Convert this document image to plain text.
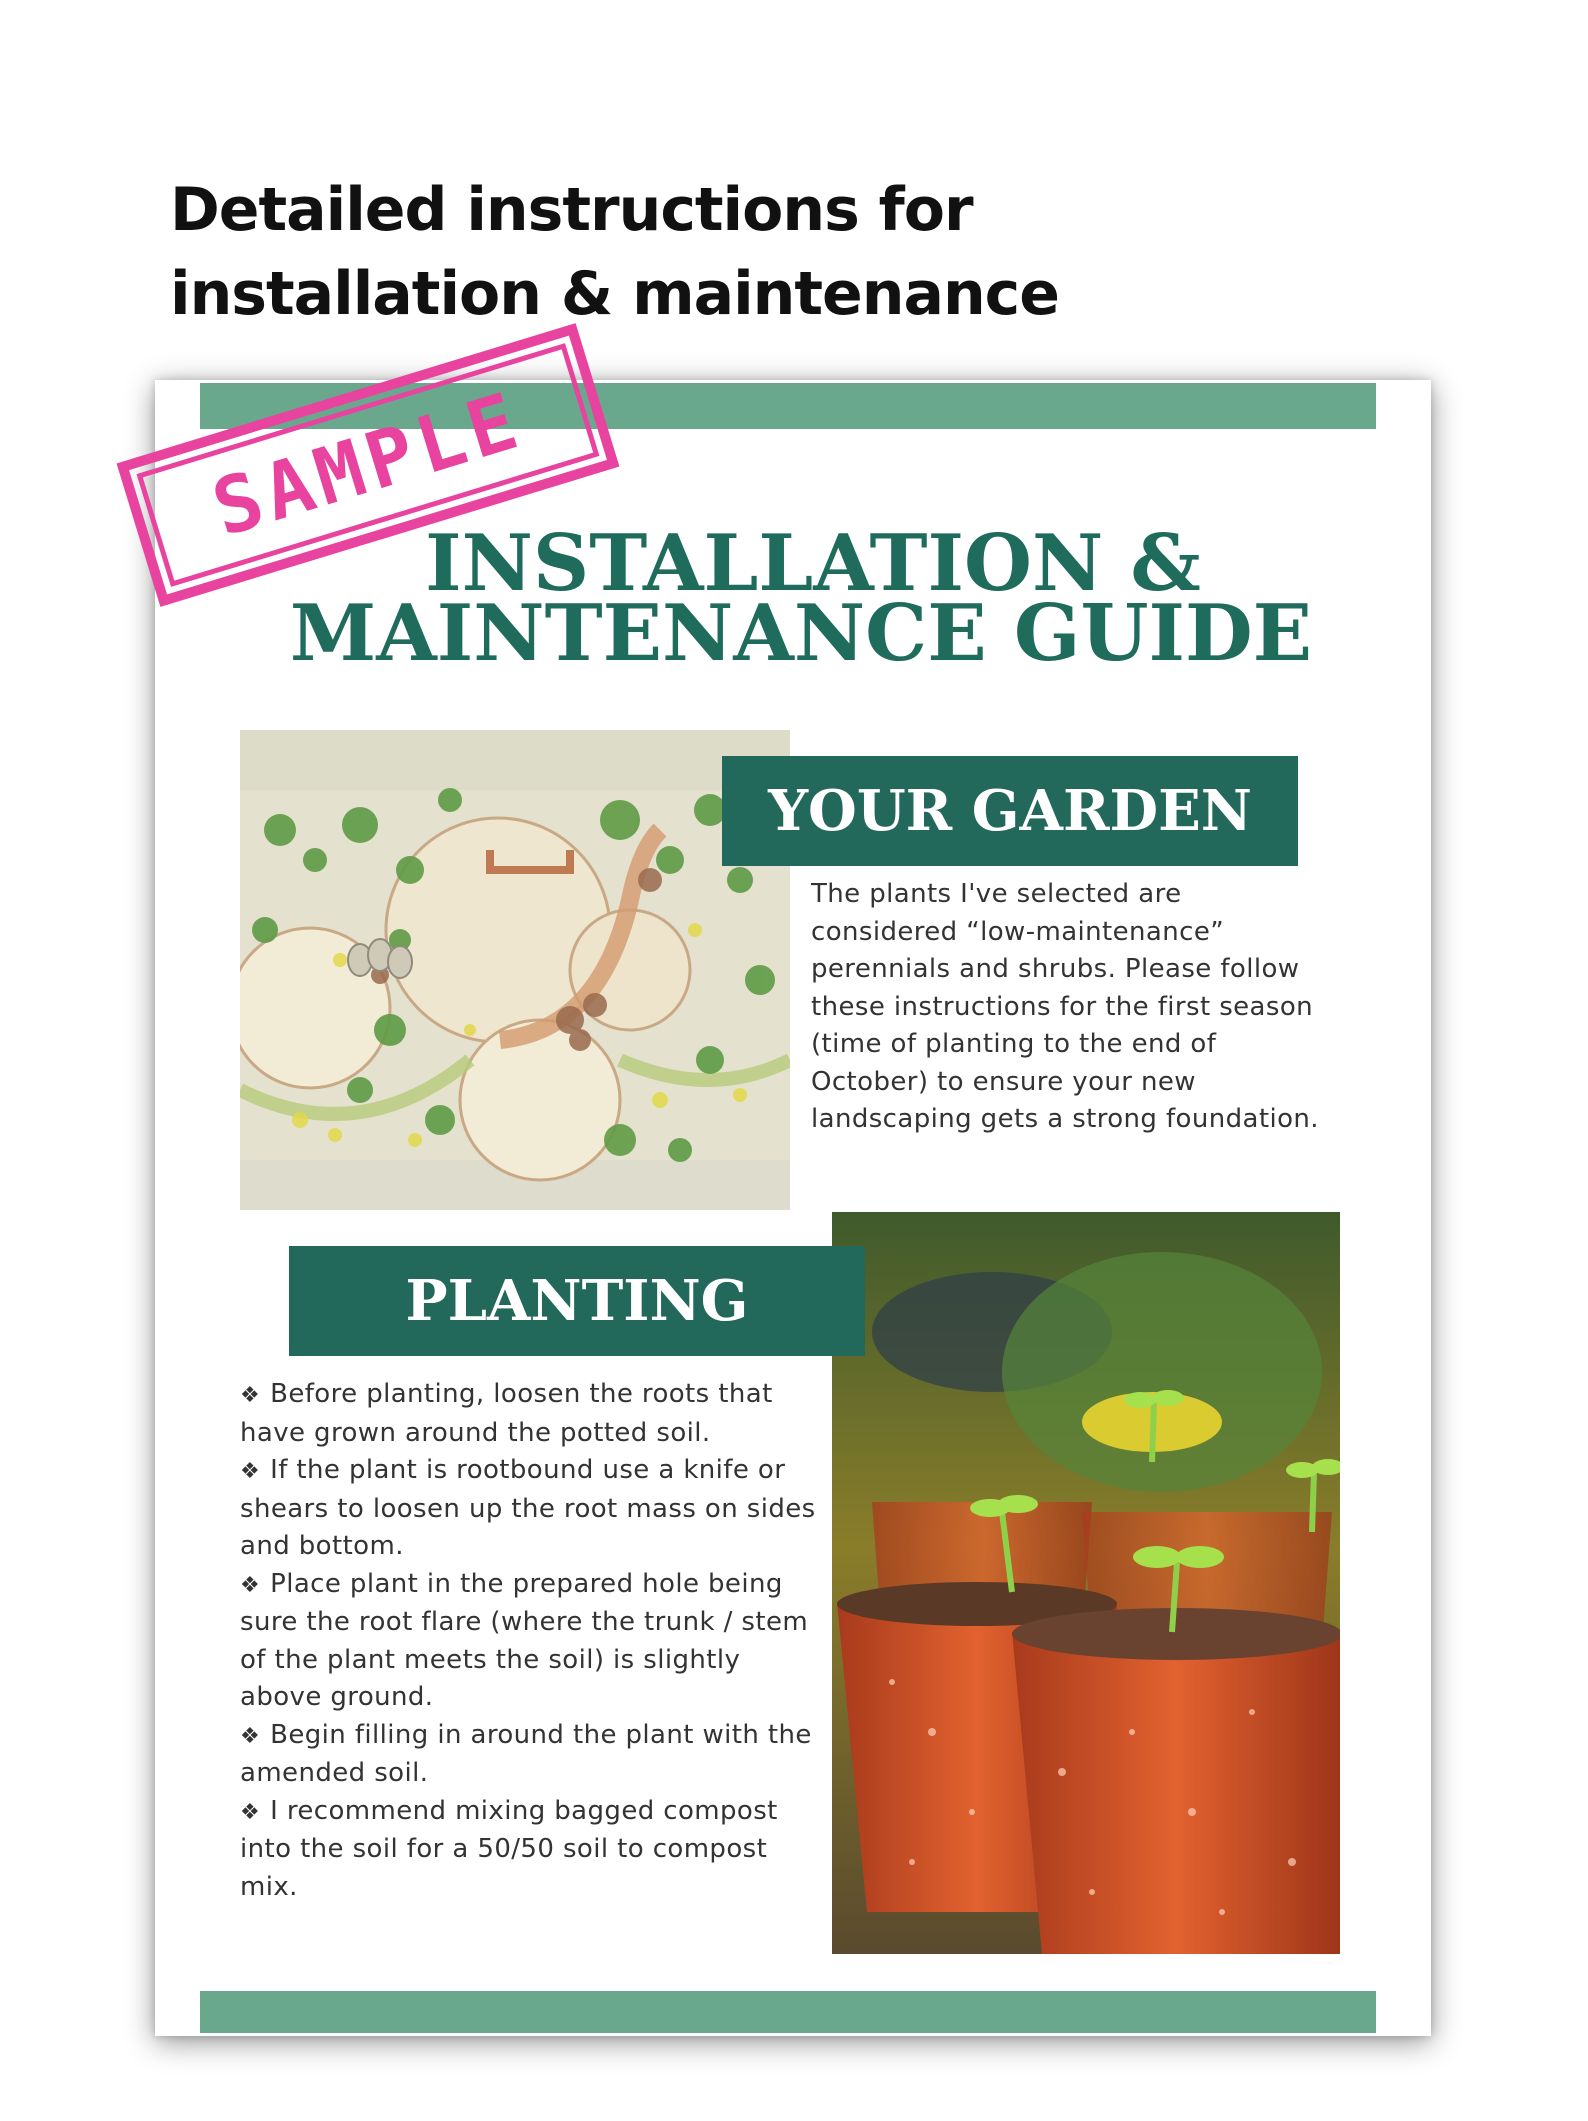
Detailed instructions for
installation & maintenance
INSTALLATION &
MAINTENANCE GUIDE
YOUR GARDEN
The plants I've selected are considered “low-maintenance” perennials and shrubs. Please follow these instructions for the first season (time of planting to the end of October) to ensure your new landscaping gets a strong foundation.
PLANTING
❖ Before planting, loosen the roots that have grown around the potted soil.
❖ If the plant is rootbound use a knife or shears to loosen up the root mass on sides and bottom.
❖ Place plant in the prepared hole being sure the root flare (where the trunk / stem of the plant meets the soil) is slightly above ground.
❖ Begin filling in around the plant with the amended soil.
❖ I recommend mixing bagged compost into the soil for a 50/50 soil to compost mix.
SAMPLE
